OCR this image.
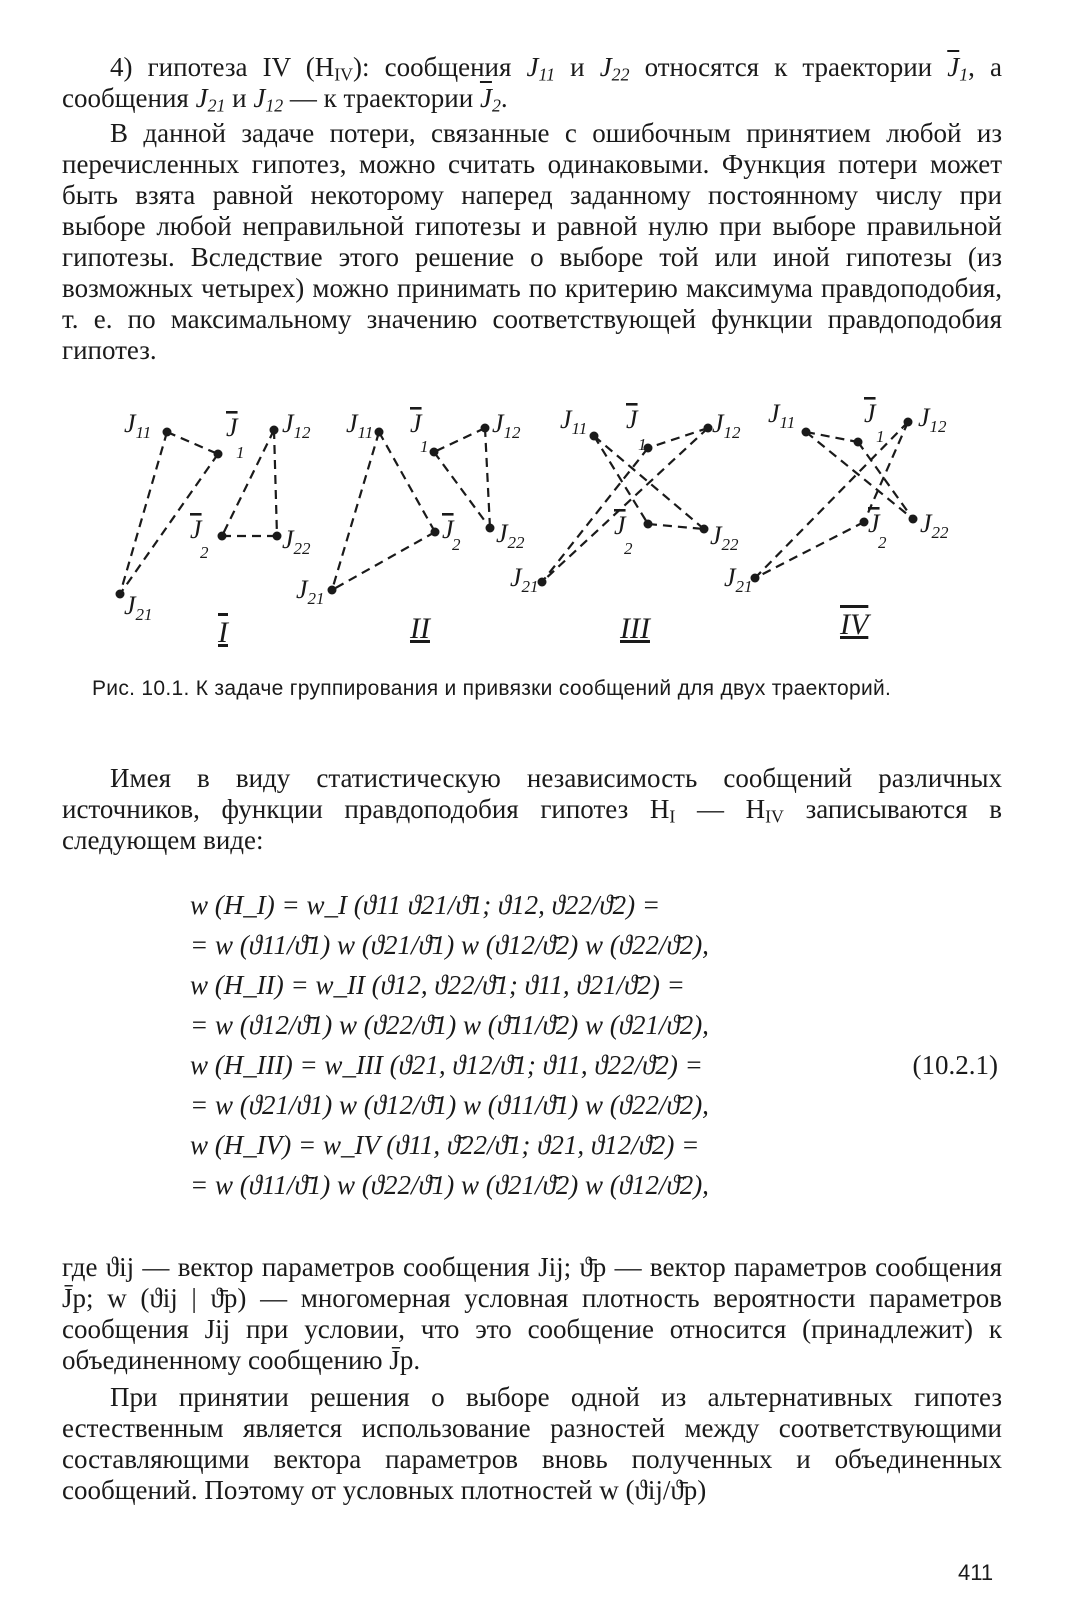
4) гипотеза IV $(H_{IV})$: сообщения $J_{11}$ и $J_{22}$ относятся к траектории $\overline{J}_1$, а сообщения $J_{21}$ и $J_{12}$ — к траектории $\overline{J}_2$.

В данной задаче потери, связанные с ошибочным принятием любой из перечисленных гипотез, можно считать одинаковыми. Функция потери может быть взята равной некоторому наперед заданному постоянному числу при выборе любой неправильной гипотезы и равной нулю при выборе правильной гипотезы. Вследствие этого решение о выборе той или иной гипотезы (из возможных четырех) можно принимать по критерию максимума правдоподобия, т. е. по максимальному значению соответствующей функции правдоподобия гипотез.

$J_{11}$	J
1
$J_{12}$
J
2	$J_{22}$
$J_{21}$
$J_{11}$ J
1
$J_{12}$
J
2 $J_{22}$
$J_{21}$
$J_{11}$ J
1
$J_{12}$
J
2	$J_{22}$
$J_{21}$
$J_{11}$	J
1
$J_{12}$
J
2
$J_{22}$
$J_{21}$
I	II	III	IV
Рис. 10.1. К задаче группирования и привязки сообщений для двух траекторий.

Имея в виду статистическую независимость сообщений различных источников, функции правдоподобия гипотез $H_I$ — $H_{IV}$ записываются в следующем виде:

w (H_I) = w_I (ϑ11 ϑ21/ϑ̄1; ϑ12, ϑ22/ϑ̄2) =
= w (ϑ11/ϑ̄1) w (ϑ21/ϑ̄1) w (ϑ12/ϑ̄2) w (ϑ22/ϑ̄2),
w (H_II) = w_II (ϑ12, ϑ22/ϑ̄1; ϑ11, ϑ21/ϑ̄2) =
= w (ϑ12/ϑ̄1) w (ϑ22/ϑ̄1) w (ϑ̄11/ϑ̄2) w (ϑ21/ϑ̄2),
w (H_III) = w_III (ϑ21, ϑ12/ϑ̄1; ϑ11, ϑ22/ϑ̄2) =	(10.2.1)
= w (ϑ21/ϑ1) w (ϑ12/ϑ̄1) w (ϑ11/ϑ̄1) w (ϑ22/ϑ̄2),
w (H_IV) = w_IV (ϑ11, ϑ̄22/ϑ̄1; ϑ21, ϑ12/ϑ̄2) =
= w (ϑ11/ϑ̄1) w (ϑ22/ϑ̄1) w (ϑ21/ϑ̄2) w (ϑ12/ϑ̄2),

где ϑij — вектор параметров сообщения Jij; ϑ̄p — вектор параметров сообщения J̄p; w (ϑij | ϑ̄p) — многомерная условная плотность вероятности параметров сообщения Jij при условии, что это сообщение относится (принадлежит) к объединенному сообщению J̄p.

При принятии решения о выборе одной из альтернативных гипотез естественным является использование разностей между соответствующими составляющими вектора параметров вновь полученных и объединенных сообщений. Поэтому от условных плотностей w (ϑij/ϑ̄p)

411
